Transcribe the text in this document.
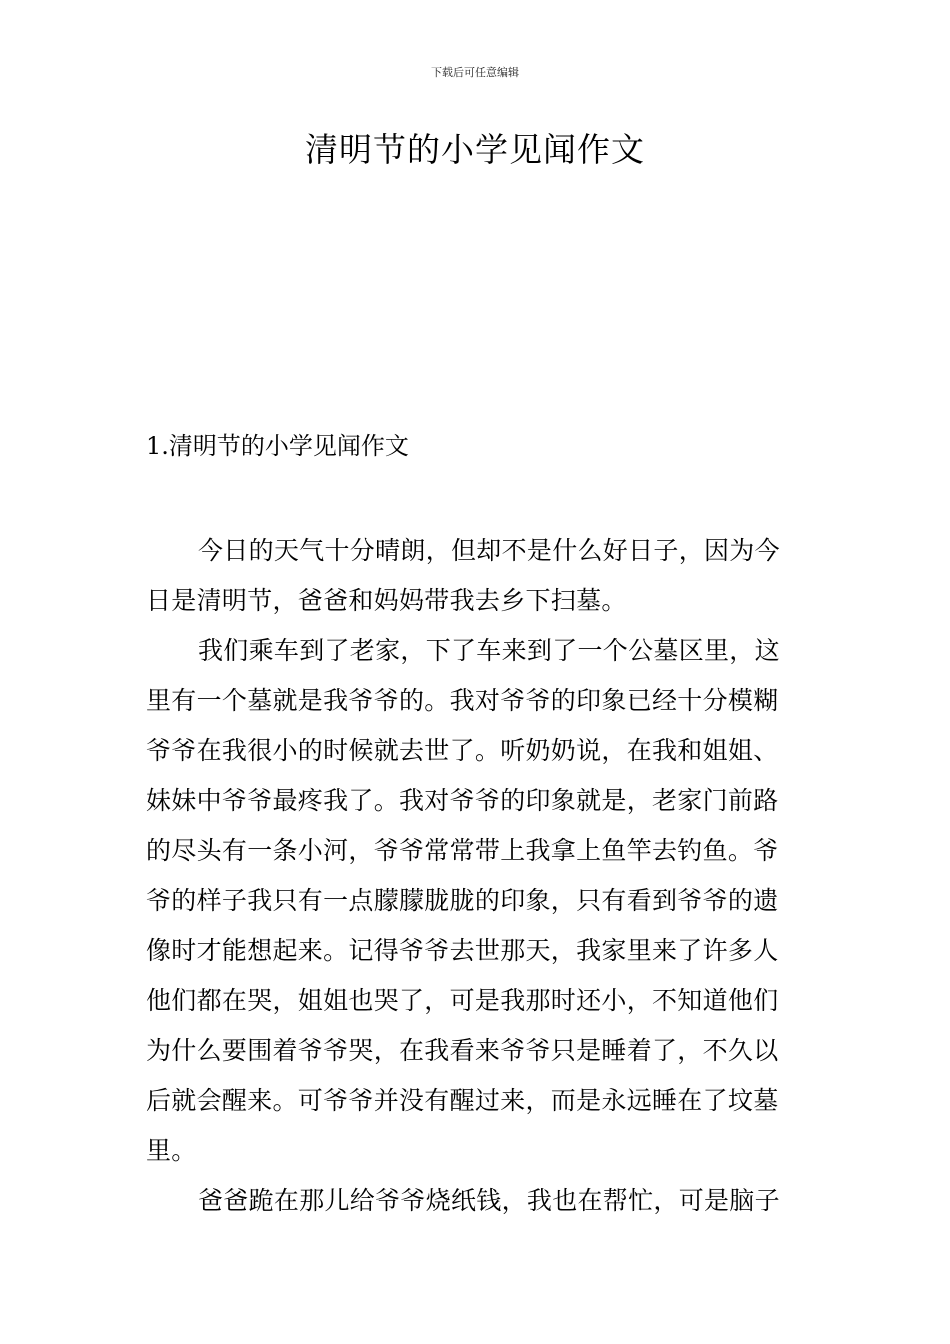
下载后可任意编辑
清明节的小学见闻作文
1.清明节的小学见闻作文
今日的天气十分晴朗，但却不是什么好日子，因为今
日是清明节，爸爸和妈妈带我去乡下扫墓。
我们乘车到了老家，下了车来到了一个公墓区里，这
里有一个墓就是我爷爷的。我对爷爷的印象已经十分模糊
爷爷在我很小的时候就去世了。听奶奶说，在我和姐姐、
妹妹中爷爷最疼我了。我对爷爷的印象就是，老家门前路
的尽头有一条小河，爷爷常常带上我拿上鱼竿去钓鱼。爷
爷的样子我只有一点朦朦胧胧的印象，只有看到爷爷的遗
像时才能想起来。记得爷爷去世那天，我家里来了许多人
他们都在哭，姐姐也哭了，可是我那时还小，不知道他们
为什么要围着爷爷哭，在我看来爷爷只是睡着了，不久以
后就会醒来。可爷爷并没有醒过来，而是永远睡在了坟墓
里。
爸爸跪在那儿给爷爷烧纸钱，我也在帮忙，可是脑子
